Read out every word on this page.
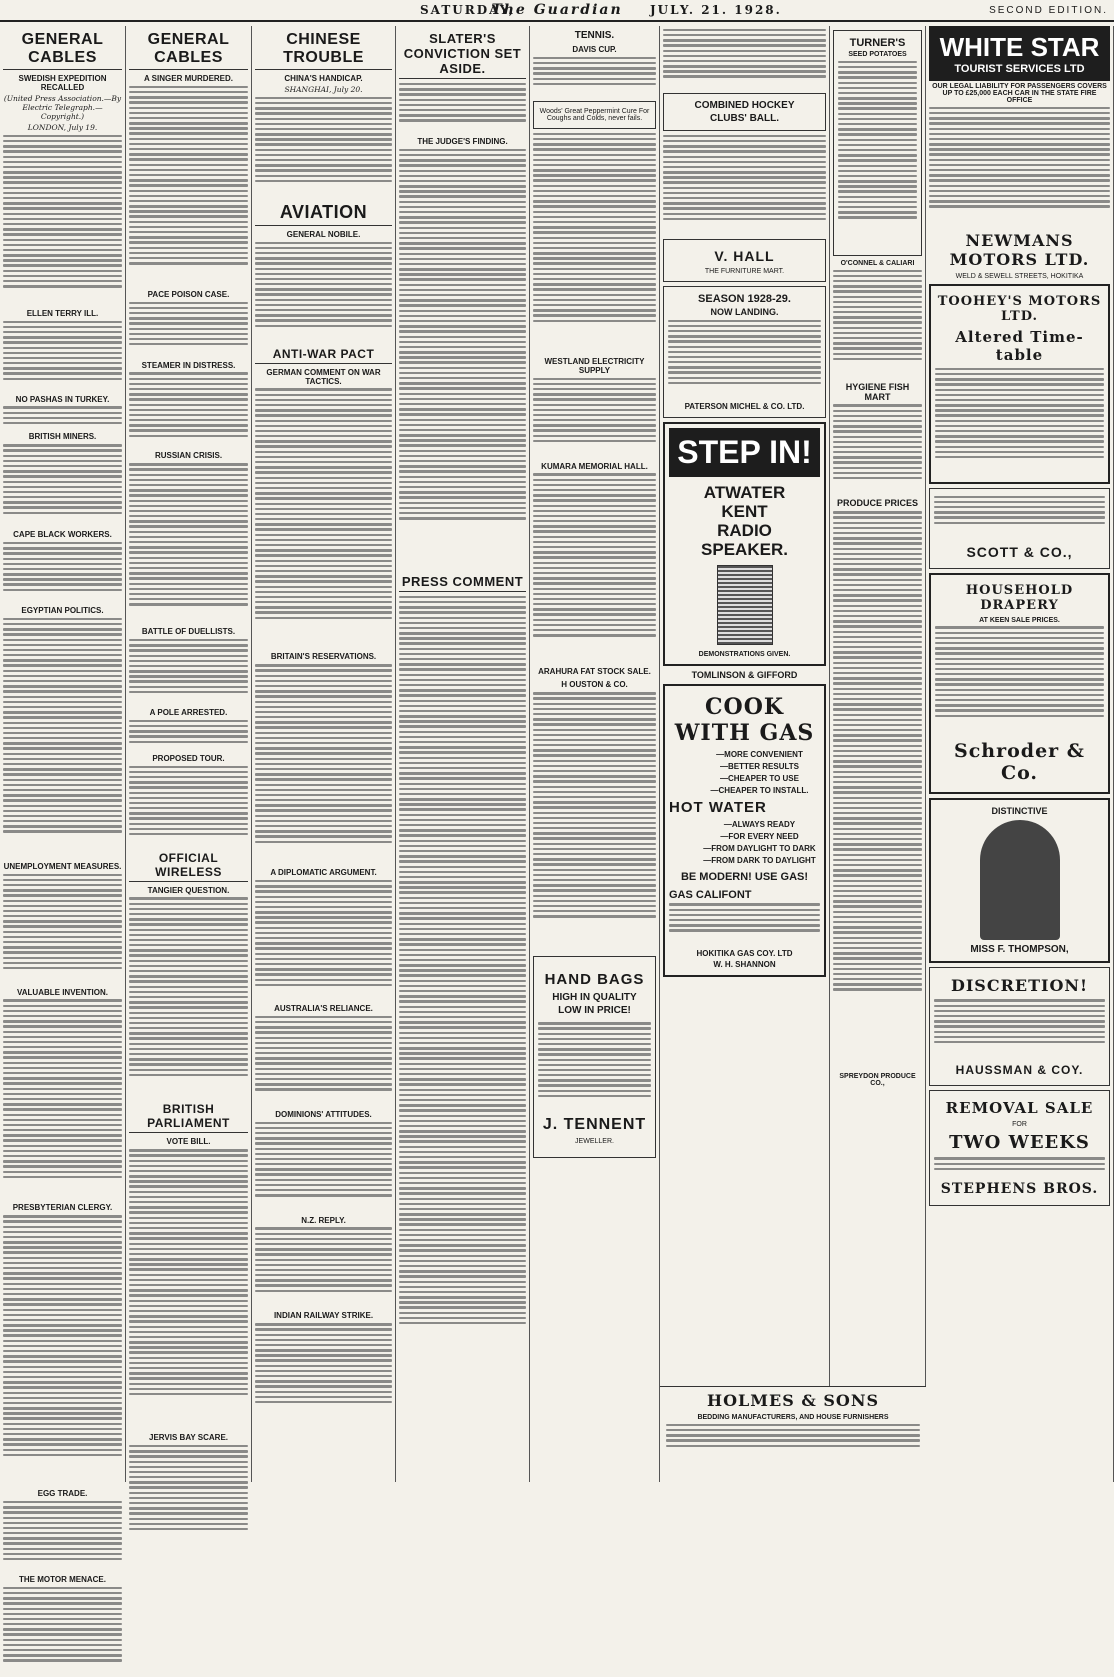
SATURDAY,
The Guardian JULY. 21. 1928.	SECOND EDITION.
GENERAL CABLES
SWEDISH EXPEDITION RECALLED
(United Press Association.—By Electric Telegraph.—Copyright.)
LONDON, July 19.
ELLEN TERRY ILL.
NO PASHAS IN TURKEY.
BRITISH MINERS.
CAPE BLACK WORKERS.
EGYPTIAN POLITICS.
UNEMPLOYMENT MEASURES.
VALUABLE INVENTION.
PRESBYTERIAN CLERGY.
EGG TRADE.
THE MOTOR MENACE.
GENERAL CABLES
A SINGER MURDERED.
PACE POISON CASE.
STEAMER IN DISTRESS.
RUSSIAN CRISIS.
BATTLE OF DUELLISTS.
A POLE ARRESTED.
PROPOSED TOUR.
OFFICIAL WIRELESS
TANGIER QUESTION.
BRITISH PARLIAMENT
VOTE BILL.
JERVIS BAY SCARE.
CHINESE TROUBLE
CHINA'S HANDICAP.
SHANGHAI, July 20.
AVIATION
GENERAL NOBILE.
ANTI-WAR PACT
GERMAN COMMENT ON WAR TACTICS.
BRITAIN'S RESERVATIONS.
A DIPLOMATIC ARGUMENT.
AUSTRALIA'S RELIANCE.
DOMINIONS' ATTITUDES.
N.Z. REPLY.
INDIAN RAILWAY STRIKE.
SLATER'S CONVICTION SET ASIDE.
THE JUDGE'S FINDING.
PRESS COMMENT
TENNIS.
DAVIS CUP.
Woods' Great Peppermint Cure For Coughs and Colds, never fails.
WESTLAND ELECTRICITY SUPPLY
KUMARA MEMORIAL HALL.
ARAHURA FAT STOCK SALE.
H OUSTON & CO.
HAND BAGS
HIGH IN QUALITY
LOW IN PRICE!
J. TENNENT
JEWELLER.
COMBINED HOCKEY
CLUBS' BALL.
V. HALL
THE FURNITURE MART.
SEASON 1928-29.
NOW LANDING.
PATERSON MICHEL & CO. LTD.
STEP IN!
ATWATER
KENT
RADIO
SPEAKER.
DEMONSTRATIONS GIVEN.
TOMLINSON & GIFFORD
COOK WITH GAS
—MORE CONVENIENT
—BETTER RESULTS
—CHEAPER TO USE
—CHEAPER TO INSTALL.
HOT WATER
—ALWAYS READY
—FOR EVERY NEED
—FROM DAYLIGHT TO DARK
—FROM DARK TO DAYLIGHT
BE MODERN! USE GAS!
GAS CALIFONT
HOKITIKA GAS COY. LTD
W. H. SHANNON
TURNER'S
SEED POTATOES
O'CONNEL & CALIARI
HYGIENE FISH MART
PRODUCE PRICES
SPREYDON PRODUCE CO.,
WHITE STAR
TOURIST SERVICES LTD
OUR LEGAL LIABILITY FOR PASSENGERS COVERS UP TO £25,000 EACH CAR IN THE STATE FIRE OFFICE
NEWMANS MOTORS LTD.
WELD & SEWELL STREETS, HOKITIKA
TOOHEY'S MOTORS LTD.
Altered Time-table
SCOTT & CO.,
HOUSEHOLD DRAPERY
AT KEEN SALE PRICES.
Schroder & Co.
DISTINCTIVE
MISS F. THOMPSON,
DISCRETION!
HAUSSMAN & COY.
REMOVAL SALE
FOR
TWO WEEKS
STEPHENS BROS.
HOLMES & SONS
BEDDING MANUFACTURERS, AND HOUSE FURNISHERS
